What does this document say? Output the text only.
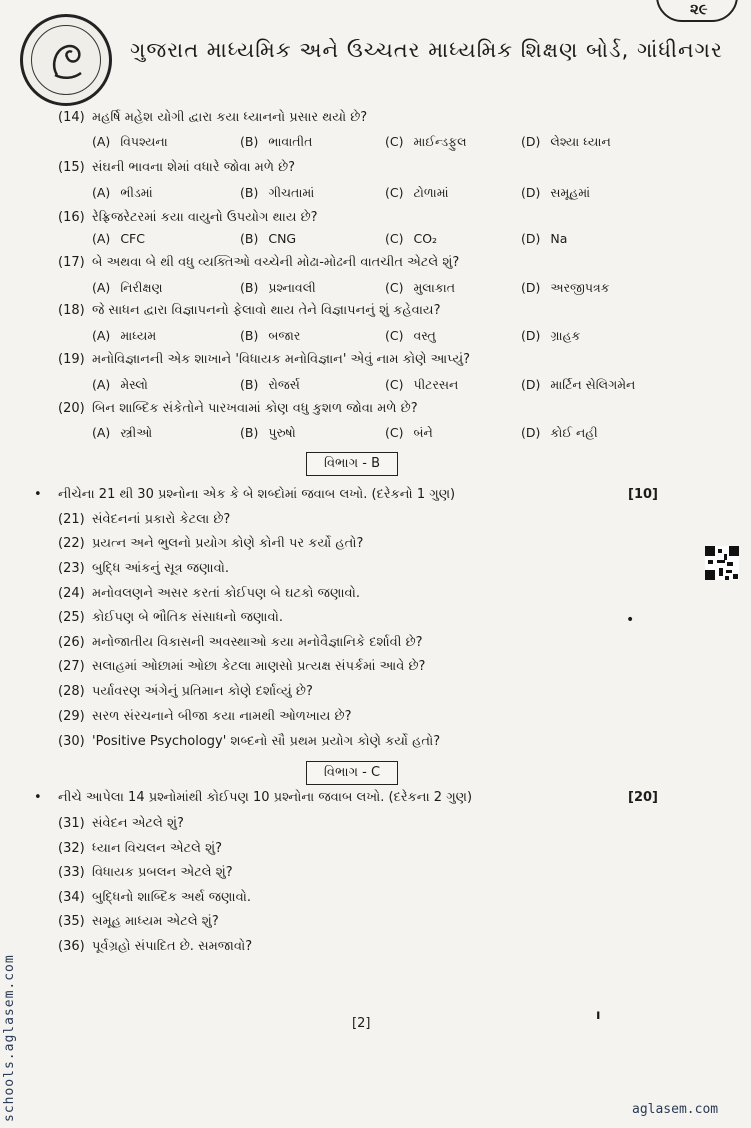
ગુજરાત માધ્યમિક અને ઉચ્ચતર માધ્યમિક શિક્ષણ બોર્ડ, ગાંધીનગર
૨૯
(14) મહર્ષિ મહેશ યોગી દ્વારા કયા ધ્યાનનો પ્રસાર થયો છે?
(A) વિપશ્યના	(B) ભાવાતીત	(C) માઈન્ડફુલ	(D) લેશ્યા ધ્યાન
(15) સંઘની ભાવના શેમાં વધારે જોવા મળે છે?
(A) ભીડમાં	(B) ગીચતામાં	(C) ટોળામાં	(D) સમૂહમાં
(16) રેફ્રિજરેટરમાં કયા વાયુનો ઉપયોગ થાય છે?
(A) CFC	(B) CNG	(C) CO₂	(D) Na
(17) બે અથવા બે થી વધુ વ્યક્તિઓ વચ્ચેની મોઢા-મોઢની વાતચીત એટલે શું?
(A) નિરીક્ષણ	(B) પ્રશ્નાવલી	(C) મુલાકાત	(D) અરજીપત્રક
(18) જે સાધન દ્વારા વિજ્ઞાપનનો ફેલાવો થાય તેને વિજ્ઞાપનનું શું કહેવાય?
(A) માધ્યમ	(B) બજાર	(C) વસ્તુ	(D) ગ્રાહક
(19) મનોવિજ્ઞાનની એક શાખાને 'વિધાયક મનોવિજ્ઞાન' એવું નામ કોણે આપ્યું?
(A) મેસ્લો	(B) રોજર્સ	(C) પીટરસન	(D) માર્ટિન સેલિગમેન
(20) બિન શાબ્દિક સંકેતોને પારખવામાં કોણ વધુ કુશળ જોવા મળે છે?
(A) સ્ત્રીઓ	(B) પુરુષો	(C) બંને	(D) કોઈ નહી
વિભાગ - B
• નીચેના 21 થી 30 પ્રશ્નોના એક કે બે શબ્દોમાં જવાબ લખો. (દરેકનો 1 ગુણ)	[10]
(21) સંવેદનનાં પ્રકારો કેટલા છે?
(22) પ્રયત્ન અને ભુલનો પ્રયોગ કોણે કોની પર કર્યો હતો?
(23) બુદ્ધિ આંકનું સૂત્ર જણાવો.
(24) મનોવલણને અસર કરતાં કોઈપણ બે ઘટકો જણાવો.
(25) કોઈપણ બે ભૌતિક સંસાધનો જણાવો.
(26) મનોજાતીય વિકાસની અવસ્થાઓ કયા મનોવૈજ્ઞાનિકે દર્શાવી છે?
(27) સલાહમાં ઓછામાં ઓછા કેટલા માણસો પ્રત્યક્ષ સંપર્કમાં આવે છે?
(28) પર્યાવરણ અંગેનું પ્રતિમાન કોણે દર્શાવ્યું છે?
(29) સરળ સંરચનાને બીજા કયા નામથી ઓળખાય છે?
(30) 'Positive Psychology' શબ્દનો સૌ પ્રથમ પ્રયોગ કોણે કર્યો હતો?
વિભાગ - C
• નીચે આપેલા 14 પ્રશ્નોમાંથી કોઈપણ 10 પ્રશ્નોના જવાબ લખો. (દરેકના 2 ગુણ)	[20]
(31) સંવેદન એટલે શું?
(32) ધ્યાન વિચલન એટલે શું?
(33) વિધાયક પ્રબલન એટલે શું?
(34) બુદ્ધિનો શાબ્દિક અર્થ જણાવો.
(35) સમૂહ માધ્યમ એટલે શું?
(36) પૂર્વગ્રહો સંપાદિત છે. સમજાવો?
•
ı
[2]
schools.aglasem.com	aglasem.com
